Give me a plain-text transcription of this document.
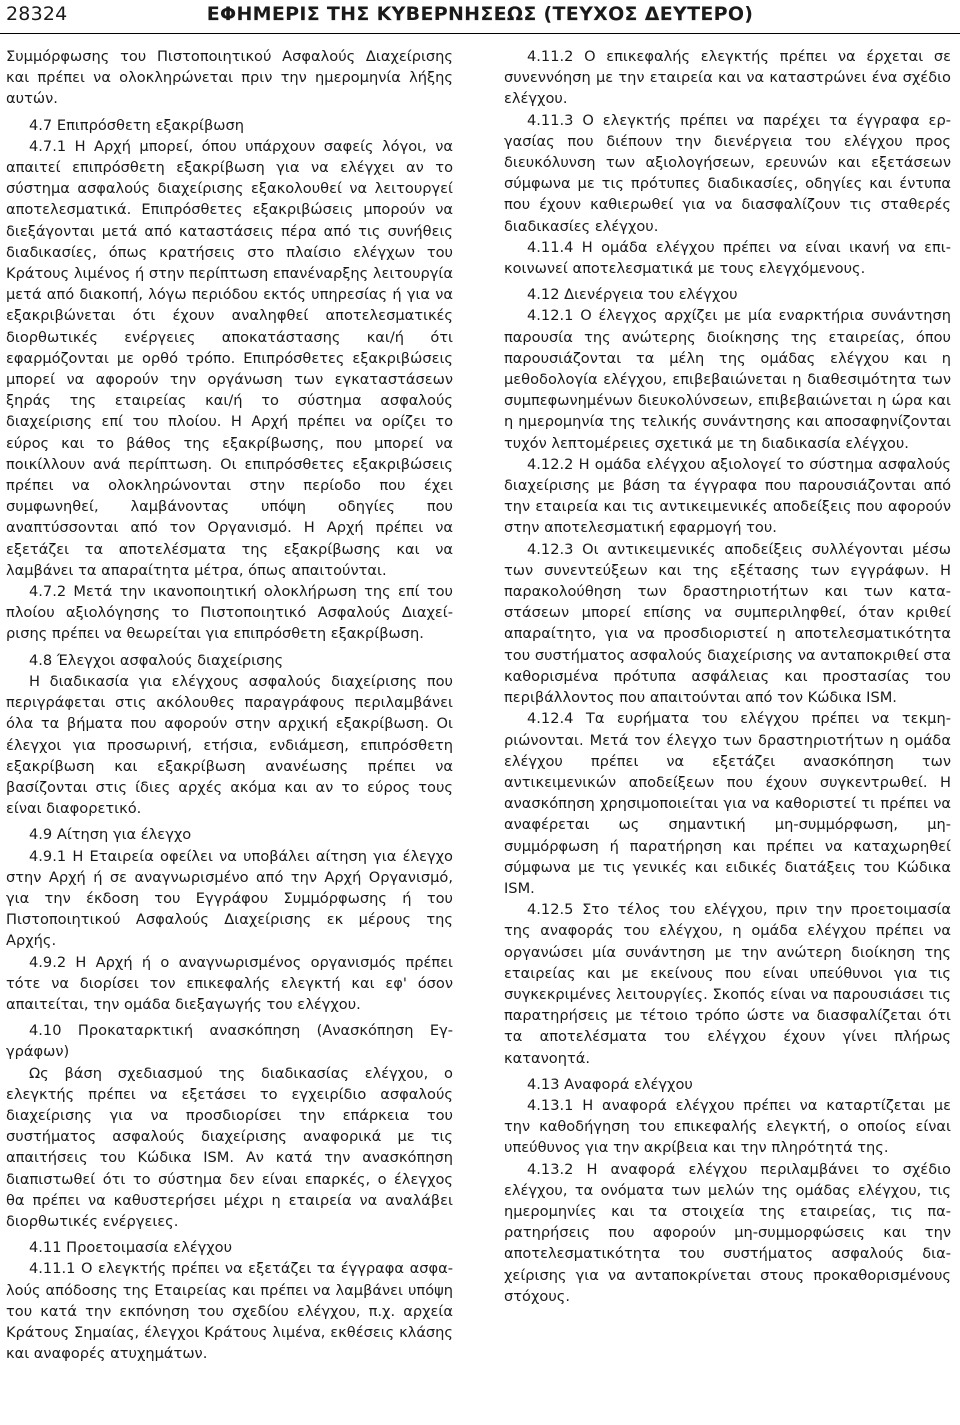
28324	ΕΦΗΜΕΡΙΣ ΤΗΣ ΚΥΒΕΡΝΗΣΕΩΣ (ΤΕΥΧΟΣ ΔΕΥΤΕΡΟ)

Συμμόρφωσης του Πιστοποιητικού Ασφαλούς Διαχείρισης και πρέπει να ολοκληρώνεται πριν την ημερομηνία λήξης αυτών.

4.7 Επιπρόσθετη εξακρίβωση

4.7.1 Η Αρχή μπορεί, όπου υπάρχουν σαφείς λόγοι, να απαιτεί επιπρόσθετη εξακρίβωση για να ελέγχει αν το σύστημα ασφαλούς διαχείρισης εξακολουθεί να λειτουργεί αποτελεσματικά. Επιπρόσθετες εξακριβώσεις μπορούν να διεξάγονται μετά από καταστάσεις πέρα από τις συνήθεις διαδικασίες, όπως κρατήσεις στο πλαίσιο ελέγχων του Κράτους λιμένος ή στην περίπτωση επανέναρξης λειτουργία μετά από διακοπή, λόγω περιόδου εκτός υπηρεσίας ή για να εξακριβώνεται ότι έχουν αναληφθεί αποτελεσματικές διορθωτικές ενέργειες αποκατάστασης και/ή ότι εφαρμόζονται με ορθό τρόπο. Επιπρόσθετες εξακριβώσεις μπορεί να αφορούν την οργάνωση των εγκαταστάσεων ξηράς της εταιρείας και/ή το σύστημα ασφαλούς διαχείρισης επί του πλοίου. Η Αρχή πρέπει να ορίζει το εύρος και το βάθος της εξακρίβωσης, που μπορεί να ποικίλλουν ανά περίπτωση. Οι επιπρόσθετες εξακριβώσεις πρέπει να ολοκληρώνονται στην περίοδο που έχει συμφωνηθεί, λαμβάνοντας υπόψη οδηγίες που αναπτύσσονται από τον Οργανισμό. Η Αρχή πρέπει να εξετάζει τα αποτελέσματα της εξακρίβωσης και να λαμβάνει τα απαραίτητα μέτρα, όπως απαιτούνται.

4.7.2 Μετά την ικανοποιητική ολοκλήρωση της επί του πλοίου αξιολόγησης το Πιστοποιητικό Ασφαλούς Διαχείρισης πρέπει να θεωρείται για επιπρόσθετη εξακρίβωση.

4.8 Έλεγχοι ασφαλούς διαχείρισης

Η διαδικασία για ελέγχους ασφαλούς διαχείρισης που περιγράφεται στις ακόλουθες παραγράφους περιλαμβάνει όλα τα βήματα που αφορούν στην αρχική εξακρίβωση. Οι έλεγχοι για προσωρινή, ετήσια, ενδιάμεση, επιπρόσθετη εξακρίβωση και εξακρίβωση ανανέωσης πρέπει να βασίζονται στις ίδιες αρχές ακόμα και αν το εύρος τους είναι διαφορετικό.

4.9 Αίτηση για έλεγχο

4.9.1 Η Εταιρεία οφείλει να υποβάλει αίτηση για έλεγχο στην Αρχή ή σε αναγνωρισμένο από την Αρχή Οργανισμό, για την έκδοση του Εγγράφου Συμμόρφωσης ή του Πιστοποιητικού Ασφαλούς Διαχείρισης εκ μέρους της Αρχής.

4.9.2 Η Αρχή ή ο αναγνωρισμένος οργανισμός πρέπει τότε να διορίσει τον επικεφαλής ελεγκτή και εφ' όσον απαιτείται, την ομάδα διεξαγωγής του ελέγχου.

4.10 Προκαταρκτική ανασκόπηση (Ανασκόπηση Εγγράφων)

Ως βάση σχεδιασμού της διαδικασίας ελέγχου, ο ελεγκτής πρέπει να εξετάσει το εγχειρίδιο ασφαλούς διαχείρισης για να προσδιορίσει την επάρκεια του συστήματος ασφαλούς διαχείρισης αναφορικά με τις απαιτήσεις του Κώδικα ISM. Αν κατά την ανασκόπηση διαπιστωθεί ότι το σύστημα δεν είναι επαρκές, ο έλεγχος θα πρέπει να καθυστερήσει μέχρι η εταιρεία να αναλάβει διορθωτικές ενέργειες.

4.11 Προετοιμασία ελέγχου

4.11.1 Ο ελεγκτής πρέπει να εξετάζει τα έγγραφα ασφαλούς απόδοσης της Εταιρείας και πρέπει να λαμβάνει υπόψη του κατά την εκπόνηση του σχεδίου ελέγχου, π.χ. αρχεία Κράτους Σημαίας, έλεγχοι Κράτους λιμένα, εκθέσεις κλάσης και αναφορές ατυχημάτων.

4.11.2 Ο επικεφαλής ελεγκτής πρέπει να έρχεται σε συνεννόηση με την εταιρεία και να καταστρώνει ένα σχέδιο ελέγχου.

4.11.3 Ο ελεγκτής πρέπει να παρέχει τα έγγραφα εργασίας που διέπουν την διενέργεια του ελέγχου προς διευκόλυνση των αξιολογήσεων, ερευνών και εξετάσεων σύμφωνα με τις πρότυπες διαδικασίες, οδηγίες και έντυπα που έχουν καθιερωθεί για να διασφαλίζουν τις σταθερές διαδικασίες ελέγχου.

4.11.4 Η ομάδα ελέγχου πρέπει να είναι ικανή να επικοινωνεί αποτελεσματικά με τους ελεγχόμενους.

4.12 Διενέργεια του ελέγχου

4.12.1 Ο έλεγχος αρχίζει με μία εναρκτήρια συνάντηση παρουσία της ανώτερης διοίκησης της εταιρείας, όπου παρουσιάζονται τα μέλη της ομάδας ελέγχου και η μεθοδολογία ελέγχου, επιβεβαιώνεται η διαθεσιμότητα των συμπεφωνημένων διευκολύνσεων, επιβεβαιώνεται η ώρα και η ημερομηνία της τελικής συνάντησης και αποσαφηνίζονται τυχόν λεπτομέρειες σχετικά με τη διαδικασία ελέγχου.

4.12.2 Η ομάδα ελέγχου αξιολογεί το σύστημα ασφαλούς διαχείρισης με βάση τα έγγραφα που παρουσιάζονται από την εταιρεία και τις αντικειμενικές αποδείξεις που αφορούν στην αποτελεσματική εφαρμογή του.

4.12.3 Οι αντικειμενικές αποδείξεις συλλέγονται μέσω των συνεντεύξεων και της εξέτασης των εγγράφων. Η παρακολούθηση των δραστηριοτήτων και των καταστάσεων μπορεί επίσης να συμπεριληφθεί, όταν κριθεί απαραίτητο, για να προσδιοριστεί η αποτελεσματικότητα του συστήματος ασφαλούς διαχείρισης να ανταποκριθεί στα καθορισμένα πρότυπα ασφάλειας και προστασίας του περιβάλλοντος που απαιτούνται από τον Κώδικα ISM.

4.12.4 Τα ευρήματα του ελέγχου πρέπει να τεκμηριώνονται. Μετά τον έλεγχο των δραστηριοτήτων η ομάδα ελέγχου πρέπει να εξετάζει ανασκόπηση των αντικειμενικών αποδείξεων που έχουν συγκεντρωθεί. Η ανασκόπηση χρησιμοποιείται για να καθοριστεί τι πρέπει να αναφέρεται ως σημαντική μη-συμμόρφωση, μη- συμμόρφωση ή παρατήρηση και πρέπει να καταχωρηθεί σύμφωνα με τις γενικές και ειδικές διατάξεις του Κώδικα ISM.

4.12.5 Στο τέλος του ελέγχου, πριν την προετοιμασία της αναφοράς του ελέγχου, η ομάδα ελέγχου πρέπει να οργανώσει μία συνάντηση με την ανώτερη διοίκηση της εταιρείας και με εκείνους που είναι υπεύθυνοι για τις συγκεκριμένες λειτουργίες. Σκοπός είναι να παρουσιάσει τις παρατηρήσεις με τέτοιο τρόπο ώστε να διασφαλίζεται ότι τα αποτελέσματα του ελέγχου έχουν γίνει πλήρως κατανοητά.

4.13 Αναφορά ελέγχου

4.13.1 Η αναφορά ελέγχου πρέπει να καταρτίζεται με την καθοδήγηση του επικεφαλής ελεγκτή, ο οποίος είναι υπεύθυνος για την ακρίβεια και την πληρότητά της.

4.13.2 Η αναφορά ελέγχου περιλαμβάνει το σχέδιο ελέγχου, τα ονόματα των μελών της ομάδας ελέγχου, τις ημερομηνίες και τα στοιχεία της εταιρείας, τις παρατηρήσεις που αφορούν μη-συμμορφώσεις και την αποτελεσματικότητα του συστήματος ασφαλούς διαχείρισης για να ανταποκρίνεται στους προκαθορισμένους στόχους.
